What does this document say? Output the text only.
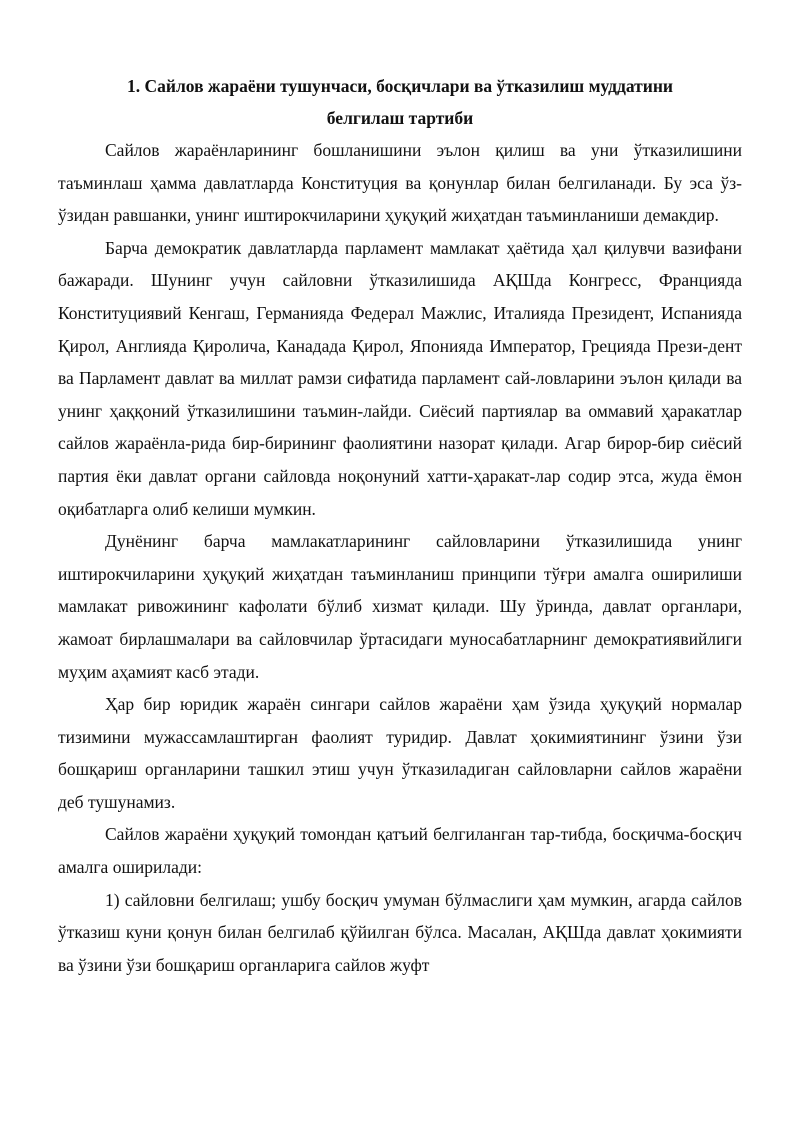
1. Сайлов жараёни тушунчаси, босқичлари ва ўтказилиш муддатини
белгилаш тартиби

Сайлов жараёнларининг бошланишини эълон қилиш ва уни ўтказилишини таъминлаш ҳамма давлатларда Конституция ва қонунлар билан белгиланади. Бу эса ўз-ўзидан равшанки, унинг иштирокчиларини ҳуқуқий жиҳатдан таъминланиши демакдир.

Барча демократик давлатларда парламент мамлакат ҳаётида ҳал қилувчи вазифани бажаради. Шунинг учун сайловни ўтказилишида АҚШда Конгресс, Францияда Конституциявий Кенгаш, Германияда Федерал Мажлис, Италияда Президент, Испанияда Қирол, Англияда Қиролича, Канадада Қирол, Японияда Император, Грецияда Прези-дент ва Парламент давлат ва миллат рамзи сифатида парламент сай-ловларини эълон қилади ва унинг ҳаққоний ўтказилишини таъмин-лайди. Сиёсий партиялар ва оммавий ҳаракатлар сайлов жараёнла-рида бир-бирининг фаолиятини назорат қилади. Агар бирор-бир сиёсий партия ёки давлат органи сайловда ноқонуний хатти-ҳаракат-лар содир этса, жуда ёмон оқибатларга олиб келиши мумкин.

Дунёнинг барча мамлакатларининг сайловларини ўтказилишида унинг иштирокчиларини ҳуқуқий жиҳатдан таъминланиш принципи тўғри амалга оширилиши мамлакат ривожининг кафолати бўлиб хизмат қилади. Шу ўринда, давлат органлари, жамоат бирлашмалари ва сайловчилар ўртасидаги муносабатларнинг демократиявийлиги муҳим аҳамият касб этади.

Ҳар бир юридик жараён сингари сайлов жараёни ҳам ўзида ҳуқуқий нормалар тизимини мужассамлаштирган фаолият туридир. Давлат ҳокимиятининг ўзини ўзи бошқариш органларини ташкил этиш учун ўтказиладиган сайловларни сайлов жараёни деб тушунамиз.

Сайлов жараёни ҳуқуқий томондан қатъий белгиланган тар-тибда, босқичма-босқич амалга оширилади:

1) сайловни белгилаш; ушбу босқич умуман бўлмаслиги ҳам мумкин, агарда сайлов ўтказиш куни қонун билан белгилаб қўйилган бўлса. Масалан, АҚШда давлат ҳокимияти ва ўзини ўзи бошқариш органларига сайлов жуфт
